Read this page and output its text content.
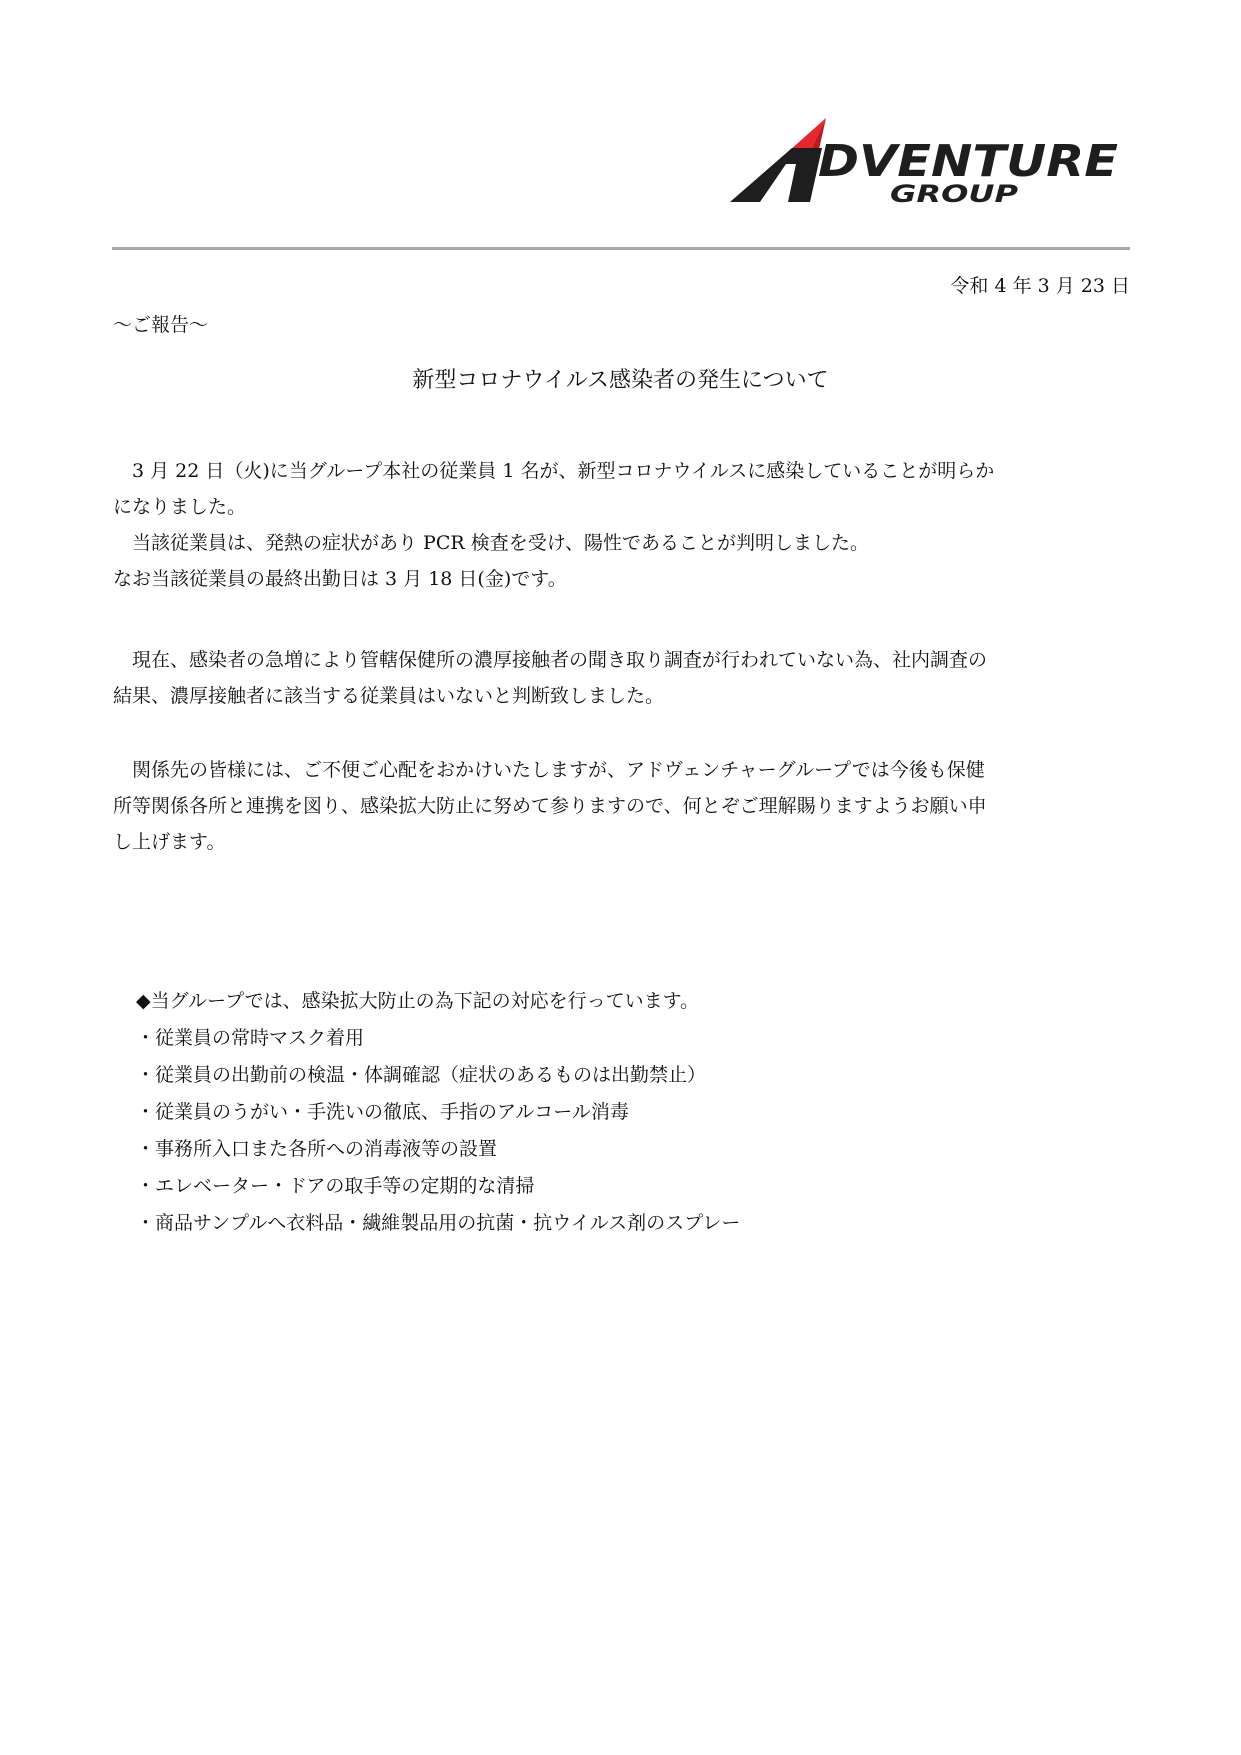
DVENTURE
GROUP
令和 4 年 3 月 23 日
～ご報告～
新型コロナウイルス感染者の発生について
　3 月 22 日（火)に当グループ本社の従業員 1 名が、新型コロナウイルスに感染していることが明らか
になりました。
　当該従業員は、発熱の症状があり PCR 検査を受け、陽性であることが判明しました。
なお当該従業員の最終出勤日は 3 月 18 日(金)です。
　現在、感染者の急増により管轄保健所の濃厚接触者の聞き取り調査が行われていない為、社内調査の
結果、濃厚接触者に該当する従業員はいないと判断致しました。
　関係先の皆様には、ご不便ご心配をおかけいたしますが、アドヴェンチャーグループでは今後も保健
所等関係各所と連携を図り、感染拡大防止に努めて参りますので、何とぞご理解賜りますようお願い申
し上げます。
◆当グループでは、感染拡大防止の為下記の対応を行っています。
・従業員の常時マスク着用
・従業員の出勤前の検温・体調確認（症状のあるものは出勤禁止）
・従業員のうがい・手洗いの徹底、手指のアルコール消毒
・事務所入口また各所への消毒液等の設置
・エレベーター・ドアの取手等の定期的な清掃
・商品サンプルへ衣料品・繊維製品用の抗菌・抗ウイルス剤のスプレー
